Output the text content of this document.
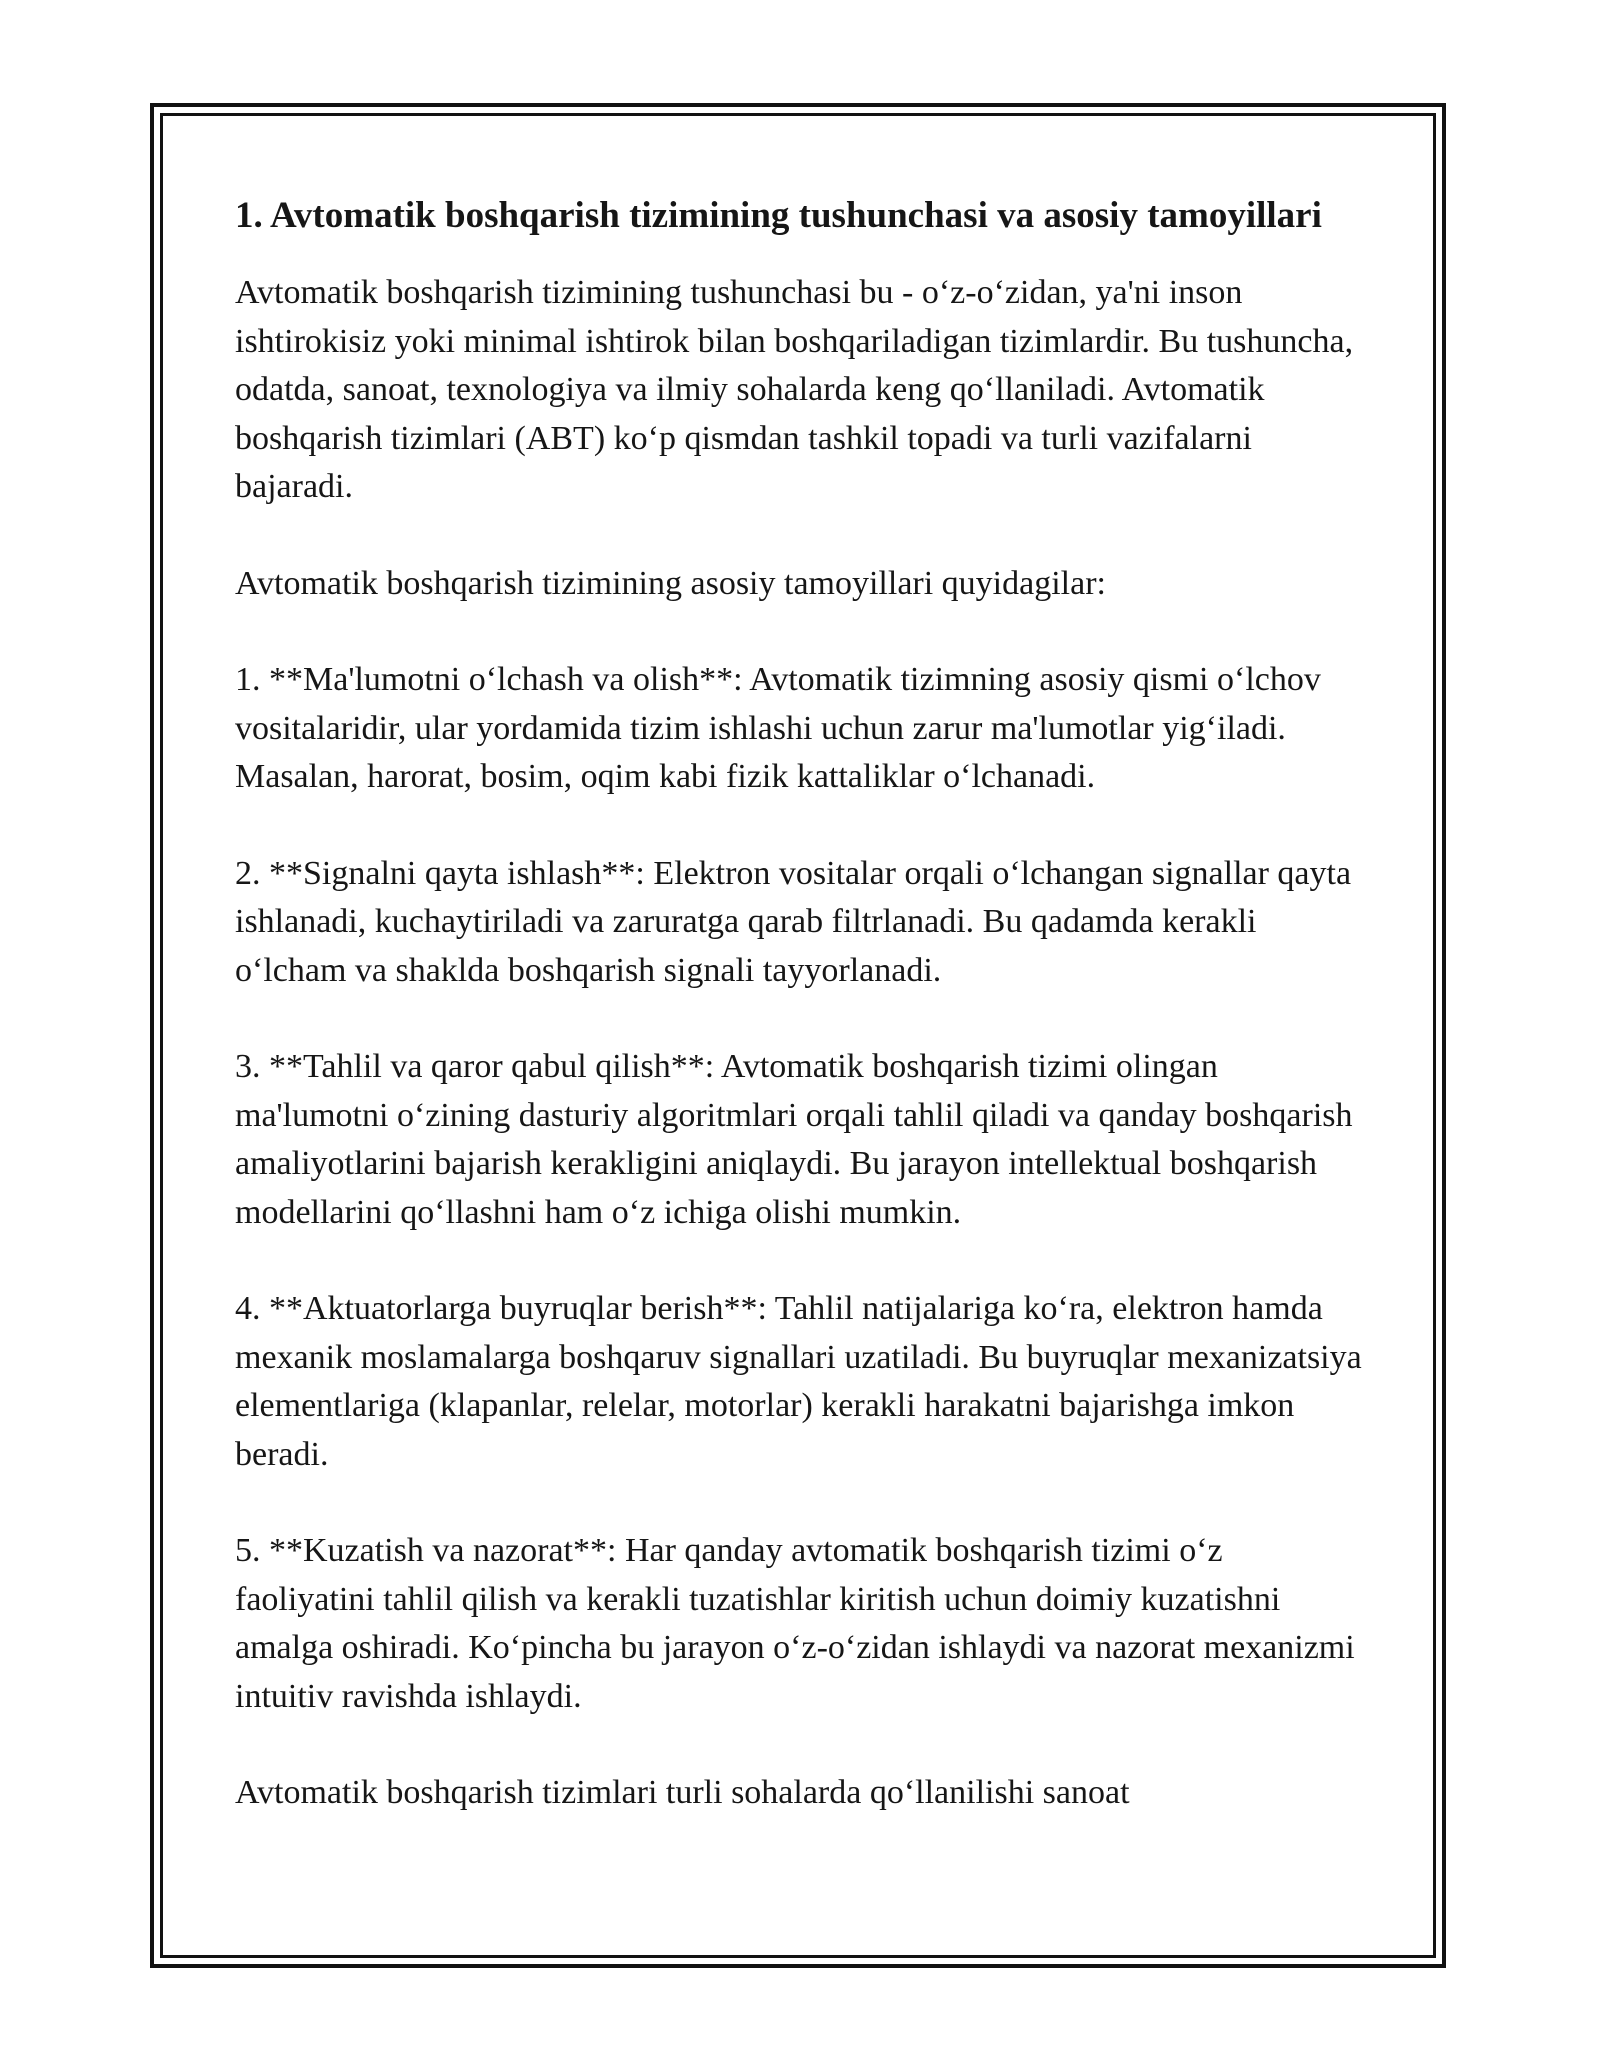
1. Avtomatik boshqarish tizimining tushunchasi va asosiy tamoyillari

Avtomatik boshqarish tizimining tushunchasi bu - o‘z-o‘zidan, ya'ni inson ishtirokisiz yoki minimal ishtirok bilan boshqariladigan tizimlardir. Bu tushuncha, odatda, sanoat, texnologiya va ilmiy sohalarda keng qo‘llaniladi. Avtomatik boshqarish tizimlari (ABT) ko‘p qismdan tashkil topadi va turli vazifalarni bajaradi.

Avtomatik boshqarish tizimining asosiy tamoyillari quyidagilar:

1. **Ma'lumotni o‘lchash va olish**: Avtomatik tizimning asosiy qismi o‘lchov vositalaridir, ular yordamida tizim ishlashi uchun zarur ma'lumotlar yig‘iladi. Masalan, harorat, bosim, oqim kabi fizik kattaliklar o‘lchanadi.

2. **Signalni qayta ishlash**: Elektron vositalar orqali o‘lchangan signallar qayta ishlanadi, kuchaytiriladi va zaruratga qarab filtrlanadi. Bu qadamda kerakli o‘lcham va shaklda boshqarish signali tayyorlanadi.

3. **Tahlil va qaror qabul qilish**: Avtomatik boshqarish tizimi olingan ma'lumotni o‘zining dasturiy algoritmlari orqali tahlil qiladi va qanday boshqarish amaliyotlarini bajarish kerakligini aniqlaydi. Bu jarayon intellektual boshqarish modellarini qo‘llashni ham o‘z ichiga olishi mumkin.

4. **Aktuatorlarga buyruqlar berish**: Tahlil natijalariga ko‘ra, elektron hamda mexanik moslamalarga boshqaruv signallari uzatiladi. Bu buyruqlar mexanizatsiya elementlariga (klapanlar, relelar, motorlar) kerakli harakatni bajarishga imkon beradi.

5. **Kuzatish va nazorat**: Har qanday avtomatik boshqarish tizimi o‘z faoliyatini tahlil qilish va kerakli tuzatishlar kiritish uchun doimiy kuzatishni amalga oshiradi. Ko‘pincha bu jarayon o‘z-o‘zidan ishlaydi va nazorat mexanizmi intuitiv ravishda ishlaydi.

Avtomatik boshqarish tizimlari turli sohalarda qo‘llanilishi sanoat
